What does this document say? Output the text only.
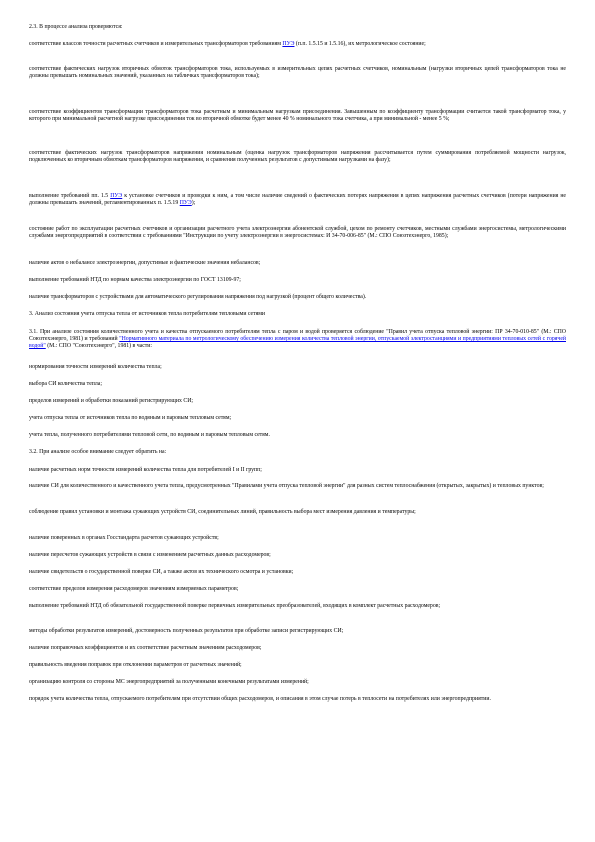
2.3. В процессе анализа проверяются:
соответствие классов точности расчетных счетчиков и измерительных трансформаторов требованиям ПУЭ (п.п. 1.5.15 и 1.5.16), их метрологическое состояние;
соответствие фактических нагрузок вторичных обмоток трансформаторов тока, используемых в измерительных цепях расчетных счетчиков, номинальным (нагрузки вторичных цепей трансформаторов тока не должны превышать номинальных значений, указанных на табличках трансформаторов тока);
соответствие коэффициентов трансформации трансформаторов тока расчетным и минимальным нагрузкам присоединения. Завышенным по коэффициенту трансформации считается такой трансформатор тока, у которого при минимальной расчетной нагрузке присоединения ток во вторичной обмотке будет менее 40 % номинального тока счетчика, а при минимальной - менее 5 %;
соответствие фактических нагрузок трансформаторов напряжения номинальным (оценка нагрузок трансформаторов напряжения рассчитывается путем суммирования потребляемой мощности нагрузок, подключенных ко вторичным обмоткам трансформаторов напряжения, и сравнения полученных результатов с допустимыми нагрузками на фазу);
выполнение требований пп. 1.5 ПУЭ к установке счетчиков и проводки к ним, а том числе наличие сведений о фактических потерях напряжения в цепях напряжения расчетных счетчиков (потери напряжения не должны превышать значений, регламентированных п. 1.5.19 ПУЭ);
состояние работ по эксплуатации расчетных счетчиков и организации расчетного учета электроэнергии абонентской службой, цехом по ремонту счетчиков, местными службами энергосистемы, метрологическими службами энергопредприятий в соответствии с требованиями "Инструкции по учету электроэнергии в энергосистемах: И 34-70-006-85" (М.: СПО Союзтехэнерго, 1985);
наличие актов о небалансе электроэнергии, допустимые и фактические значения небалансов;
выполнение требований НТД по нормам качества электроэнергии по ГОСТ 13109-97;
наличие трансформаторов с устройствами для автоматического регулирования напряжения под нагрузкой (процент общего количества).
3. Анализ состояния учета отпуска тепла от источников тепла потребителям тепловыми сетями
3.1. При анализе состояния количественного учета и качества отпускаемого потребителям тепла с паром и водой проверяется соблюдение "Правил учета отпуска тепловой энергии: ПР 34-70-010-85" (М.: СПО Союзтехэнерго, 1981) и требований "Нормативного материала по метрологическому обеспечению измерения количества тепловой энергии, отпускаемой электростанциями и предприятиями тепловых сетей с горячей водой" (М.: СПО "Союзтехэнерго", 1981) в части:
нормирования точности измерений количества тепла;
выбора СИ количества тепла;
пределов измерений и обработки показаний регистрирующих СИ;
учета отпуска тепла от источников тепла по водяным и паровым тепловым сетям;
учета тепла, полученного потребителями тепловой сети, по водяным и паровым тепловым сетям.
3.2. При анализе особое внимание следует обратить на:
наличие расчетных норм точности измерений количества тепла для потребителей I и II групп;
наличие СИ для количественного и качественного учета тепла, предусмотренных "Правилами учета отпуска тепловой энергии" для разных систем теплоснабжения (открытых, закрытых) и тепловых пунктов;
соблюдение правил установки и монтажа сужающих устройств СИ, соединительных линий, правильность выбора мест измерения давления и температуры;
наличие поверенных в органах Госстандарта расчетов сужающих устройств;
наличие пересчетов сужающих устройств в связи с изменением расчетных данных расходомеров;
наличие свидетельств о государственной поверке СИ, а также актов их технического осмотра и установки;
соответствие пределов измерения расходомеров значениям измеряемых параметров;
выполнение требований НТД об обязательной государственной поверке первичных измерительных преобразователей, входящих в комплект расчетных расходомеров;
методы обработки результатов измерений, достоверность полученных результатов при обработке записи регистрирующих СИ;
наличие поправочных коэффициентов и их соответствие расчетным значениям расходомеров;
правильность введения поправок при отклонении параметров от расчетных значений;
организацию контроля со стороны МС энергопредприятий за полученными конечными результатами измерений;
порядок учета количества тепла, отпускаемого потребителям при отсутствии общих расходомеров, и описания в этом случае потерь в теплосети на потребителях или энергопредприятии.
